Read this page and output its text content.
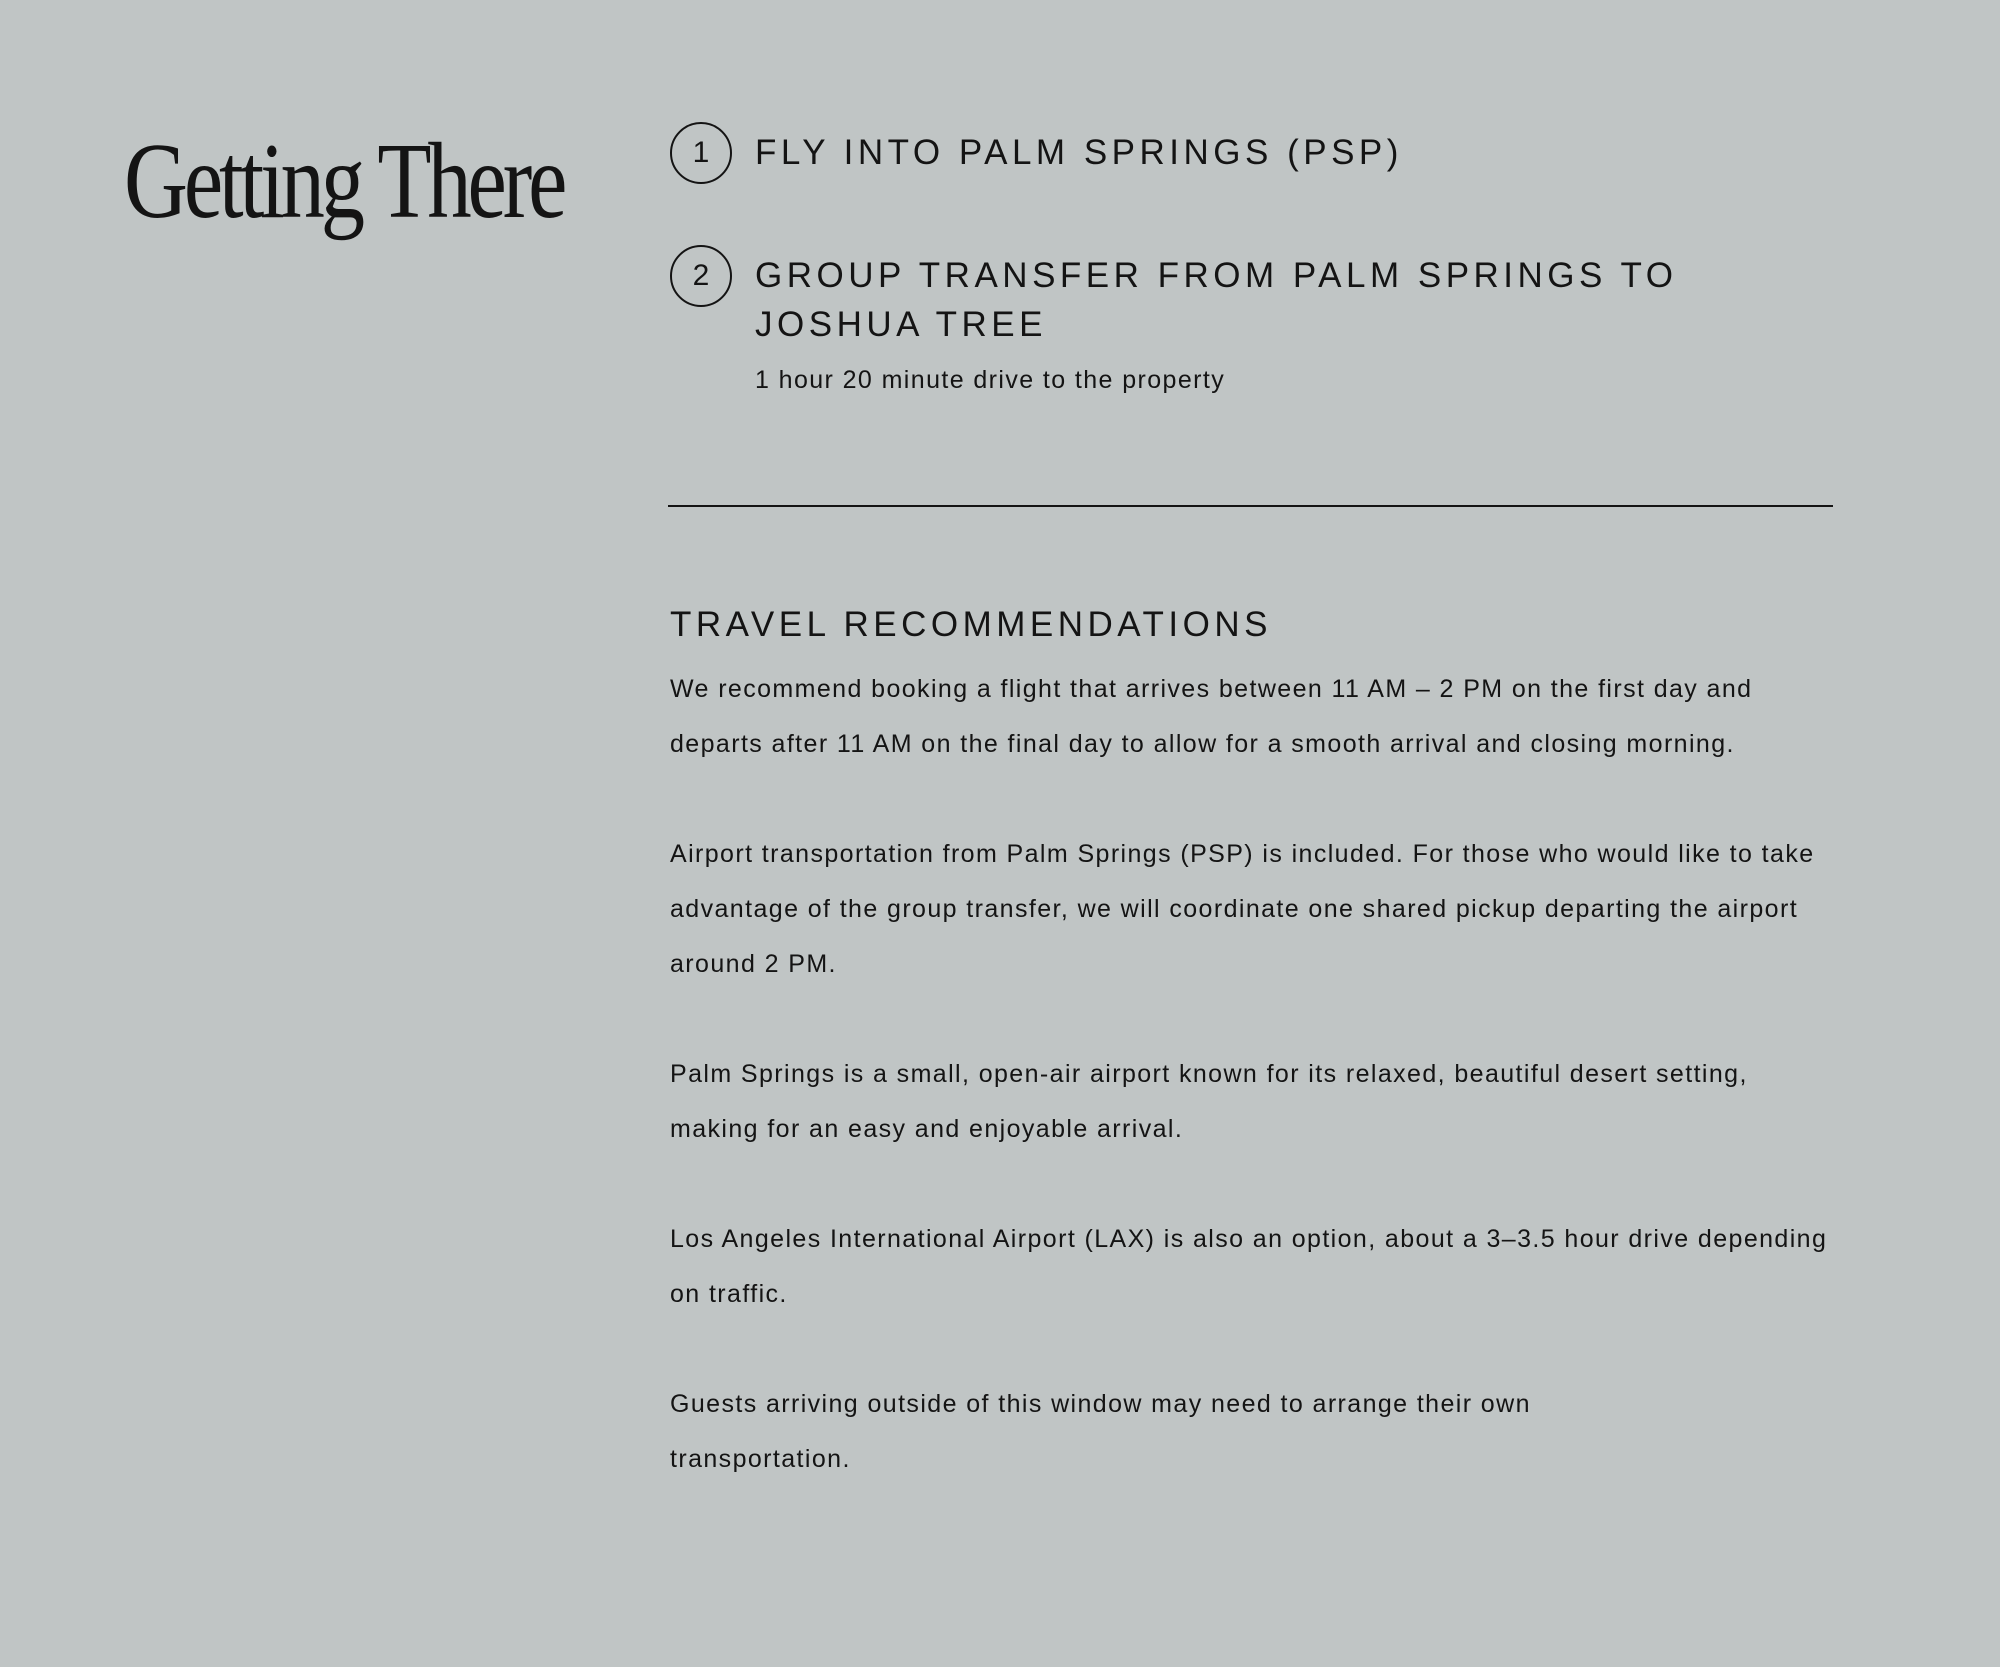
Getting There	1	FLY INTO PALM SPRINGS (PSP)
2	GROUP TRANSFER FROM PALM SPRINGS TO JOSHUA TREE

1 hour 20 minute drive to the property

TRAVEL RECOMMENDATIONS

We recommend booking a flight that arrives between 11 AM – 2 PM on the first day and departs after 11 AM on the final day to allow for a smooth arrival and closing morning.

Airport transportation from Palm Springs (PSP) is included. For those who would like to take advantage of the group transfer, we will coordinate one shared pickup departing the airport around 2 PM.

Palm Springs is a small, open-air airport known for its relaxed, beautiful desert setting, making for an easy and enjoyable arrival.

Los Angeles International Airport (LAX) is also an option, about a 3–3.5 hour drive depending on traffic.

Guests arriving outside of this window may need to arrange their own transportation.
